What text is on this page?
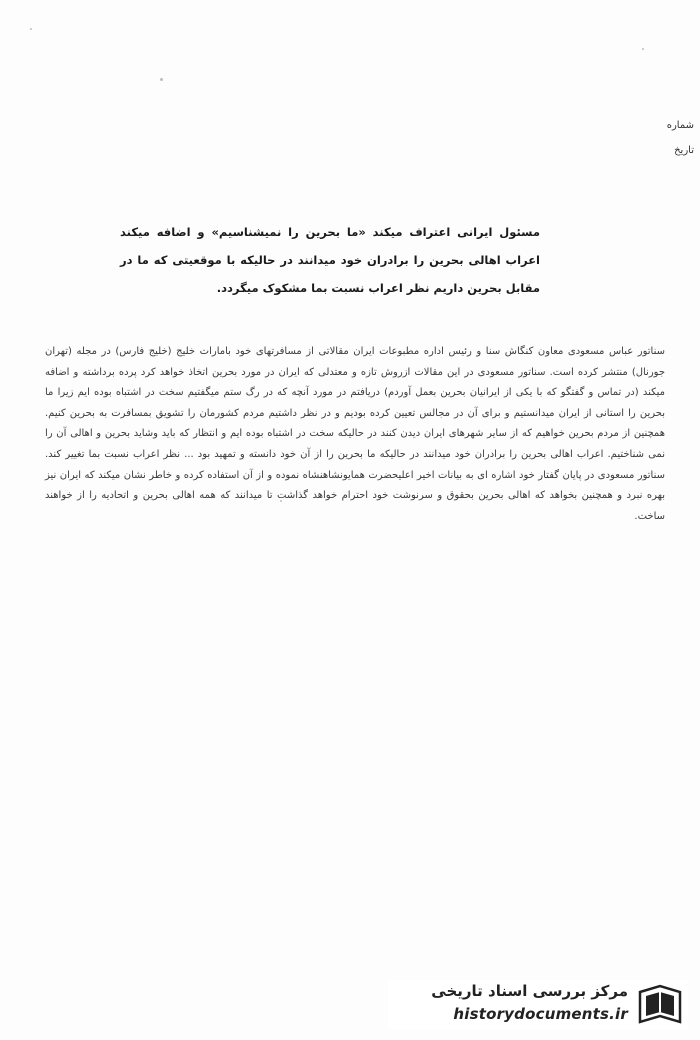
شماره
تاریخ
مسئول ایرانی اعتراف میکند «ما بحرین را نمیشناسیم» و اضافه میکند اعراب اهالی بحرین را برادران خود میدانند در حالیکه با موقعیتی که ما در مقابل بحرین داریم نظر اعراب نسبت بما مشکوک میگردد.
سناتور عباس مسعودی معاون کنگاش سنا و رئیس اداره مطبوعات ایران مقالاتی از مسافرتهای خود بامارات خلیج (خلیج فارس) در مجله (تهران جورنال) منتشر کرده است. سناتور مسعودی در این مقالات ازروش تازه و معتدلی که ایران در مورد بحرین اتخاذ خواهد کرد پرده برداشته و اضافه میکند (در تماس و گفتگو که با یکی از ایرانیان بحرین بعمل آوردم) دریافتم در مورد آنچه که در رگ ستم میگفتیم سخت در اشتباه بوده ایم زیرا ما بحرین را استانی از ایران میدانستیم و برای آن در مجالس تعیین کرده بودیم و در نظر داشتیم مردم کشورمان را تشویق بمسافرت به بحرین کنیم. همچنین از مردم بحرین خواهیم که از سایر شهرهای ایران دیدن کنند در حالیکه سخت در اشتباه بوده ایم و انتظار که باید وشاید بحرین و اهالی آن را نمی شناختیم. اعراب اهالی بحرین را برادران خود میدانند در حالیکه ما بحرین را از آن خود دانسته و تمهید بود ... نظر اعراب نسبت بما تغییر کند. سناتور مسعودی در پایان گفتار خود اشاره ای به بیانات اخیر اعلیحضرت همایونشاهنشاه نموده و از آن استفاده کرده و خاطر نشان میکند که ایران نیز بهره نبرد و همچنین بخواهد که اهالی بحرین بحقوق و سرنوشت خود احترام خواهد گذاشت تا میدانند که همه اهالی بحرین و اتحادیه را از خواهند ساخت.
مرکز بررسی اسناد تاریخی
historydocuments.ir
